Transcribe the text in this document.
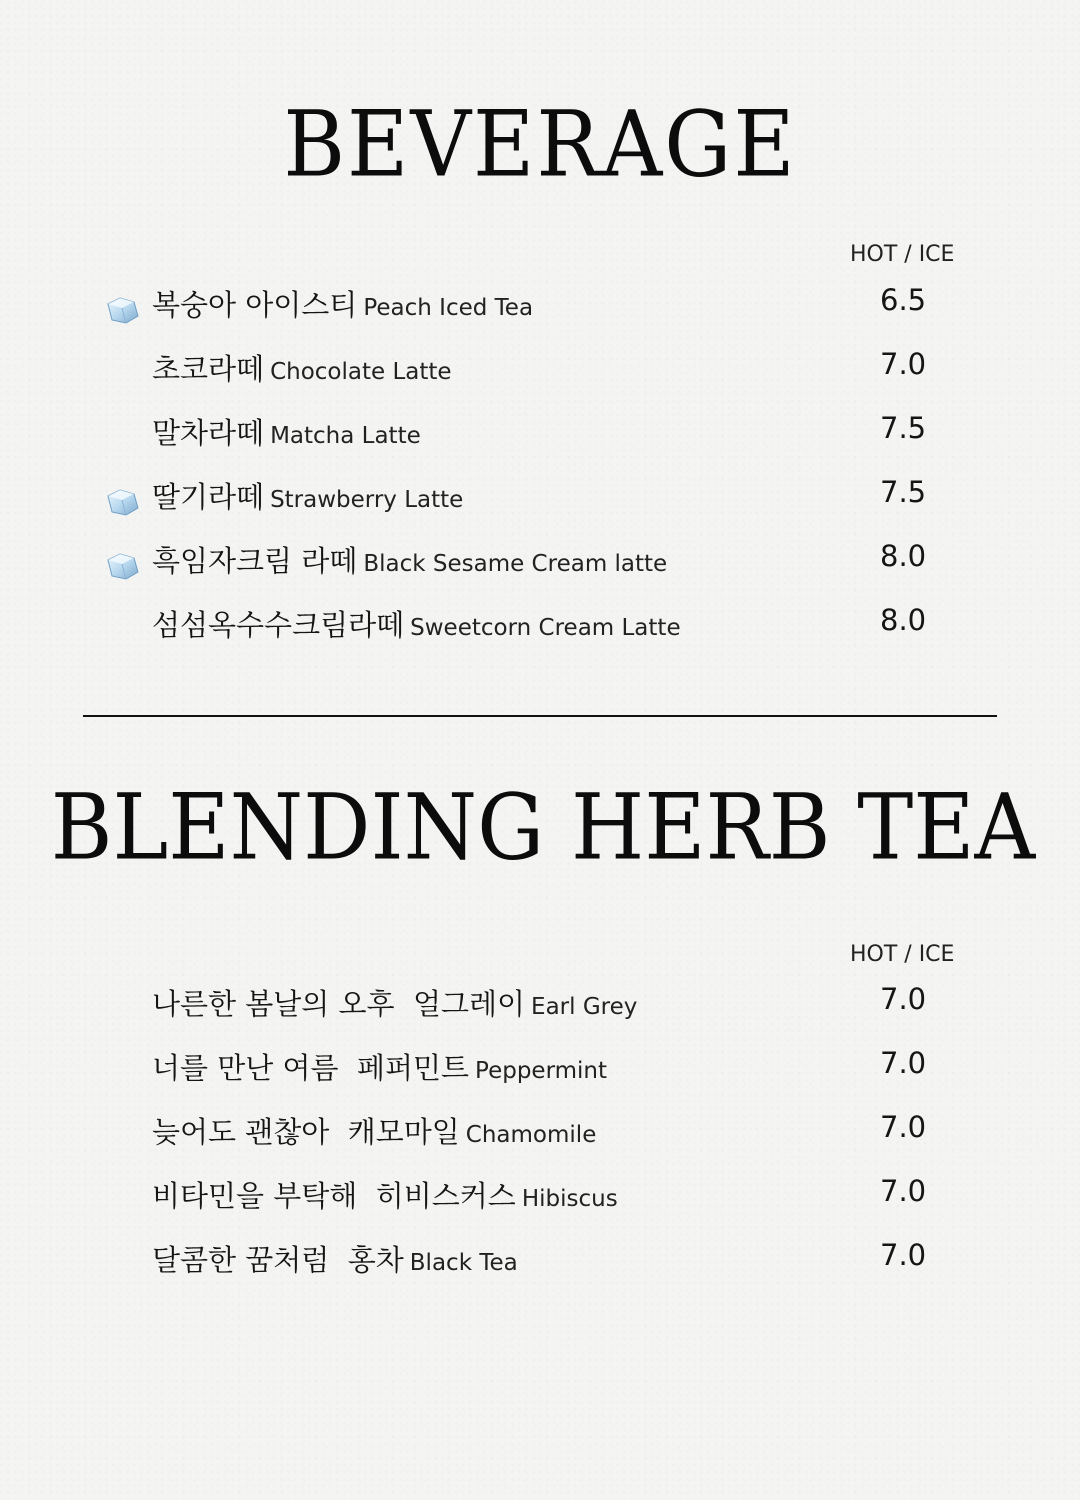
BEVERAGE
HOT / ICE
복숭아 아이스티 Peach Iced Tea	6.5
초코라떼 Chocolate Latte	7.0
말차라떼 Matcha Latte	7.5
딸기라떼 Strawberry Latte	7.5
흑임자크림 라떼 Black Sesame Cream latte	8.0
섬섬옥수수크림라떼 Sweetcorn Cream Latte	8.0
BLENDING HERB TEA
HOT / ICE
나른한 봄날의 오후  얼그레이 Earl Grey	7.0
너를 만난 여름  페퍼민트 Peppermint	7.0
늦어도 괜찮아  캐모마일 Chamomile	7.0
비타민을 부탁해  히비스커스 Hibiscus	7.0
달콤한 꿈처럼  홍차 Black Tea	7.0
